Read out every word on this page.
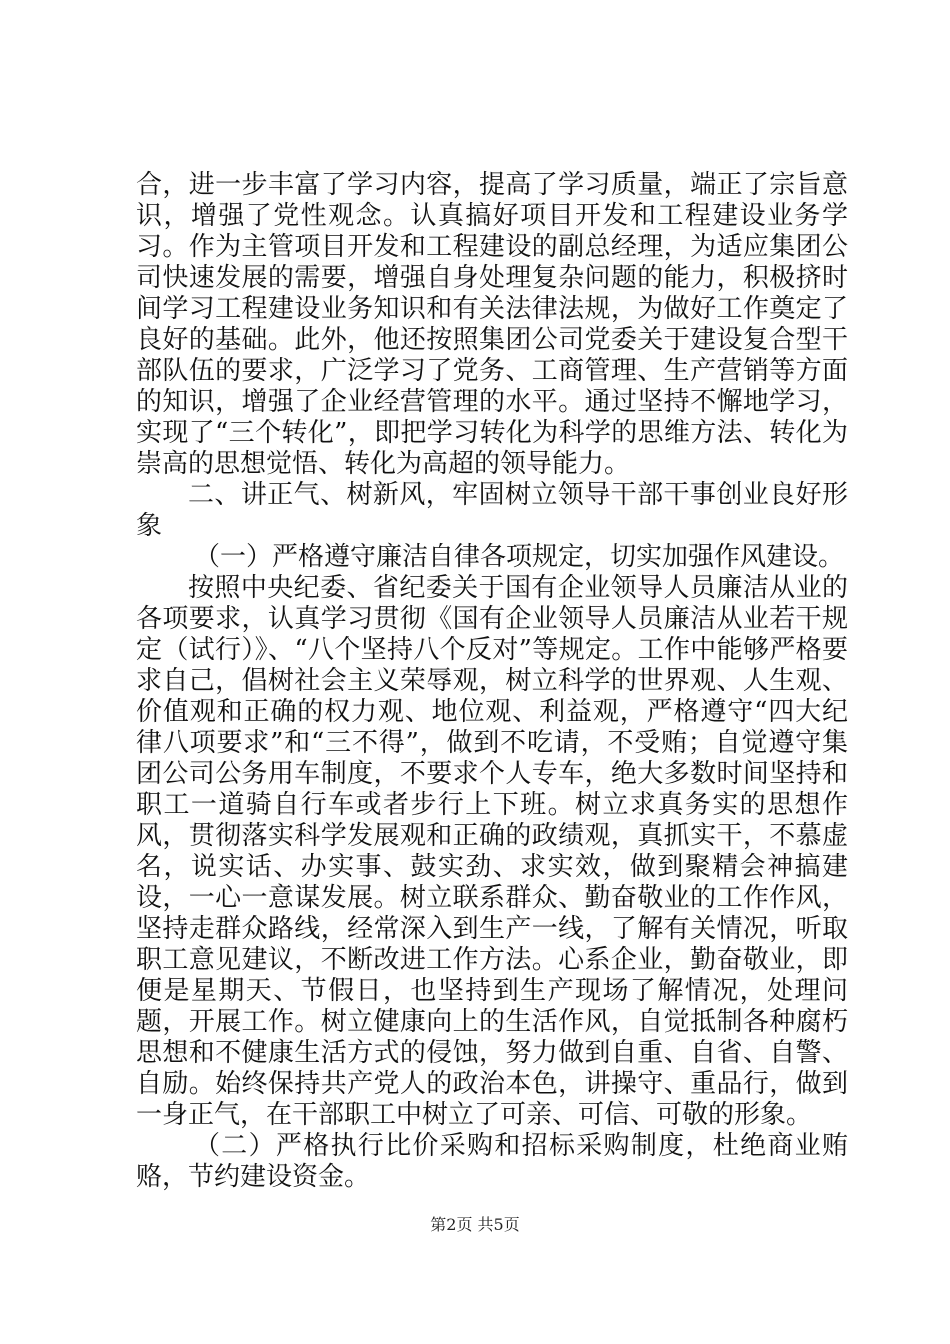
合，进一步丰富了学习内容，提高了学习质量，端正了宗旨意识，增强了党性观念。认真搞好项目开发和工程建设业务学习。作为主管项目开发和工程建设的副总经理，为适应集团公司快速发展的需要，增强自身处理复杂问题的能力，积极挤时间学习工程建设业务知识和有关法律法规，为做好工作奠定了良好的基础。此外，他还按照集团公司党委关于建设复合型干部队伍的要求，广泛学习了党务、工商管理、生产营销等方面的知识，增强了企业经营管理的水平。通过坚持不懈地学习，实现了“三个转化”，即把学习转化为科学的思维方法、转化为崇高的思想觉悟、转化为高超的领导能力。

二、讲正气、树新风，牢固树立领导干部干事创业良好形象

（一）严格遵守廉洁自律各项规定，切实加强作风建设。

按照中央纪委、省纪委关于国有企业领导人员廉洁从业的各项要求，认真学习贯彻《国有企业领导人员廉洁从业若干规定（试行）》、“八个坚持八个反对”等规定。工作中能够严格要求自己，倡树社会主义荣辱观，树立科学的世界观、人生观、价值观和正确的权力观、地位观、利益观，严格遵守“四大纪律八项要求”和“三不得”，做到不吃请，不受贿；自觉遵守集团公司公务用车制度，不要求个人专车，绝大多数时间坚持和职工一道骑自行车或者步行上下班。树立求真务实的思想作风，贯彻落实科学发展观和正确的政绩观，真抓实干，不慕虚名，说实话、办实事、鼓实劲、求实效，做到聚精会神搞建设，一心一意谋发展。树立联系群众、勤奋敬业的工作作风，坚持走群众路线，经常深入到生产一线，了解有关情况，听取职工意见建议，不断改进工作方法。心系企业，勤奋敬业，即便是星期天、节假日，也坚持到生产现场了解情况，处理问题，开展工作。树立健康向上的生活作风，自觉抵制各种腐朽思想和不健康生活方式的侵蚀，努力做到自重、自省、自警、自励。始终保持共产党人的政治本色，讲操守、重品行，做到一身正气，在干部职工中树立了可亲、可信、可敬的形象。

（二）严格执行比价采购和招标采购制度，杜绝商业贿赂，节约建设资金。

第2页 共5页
